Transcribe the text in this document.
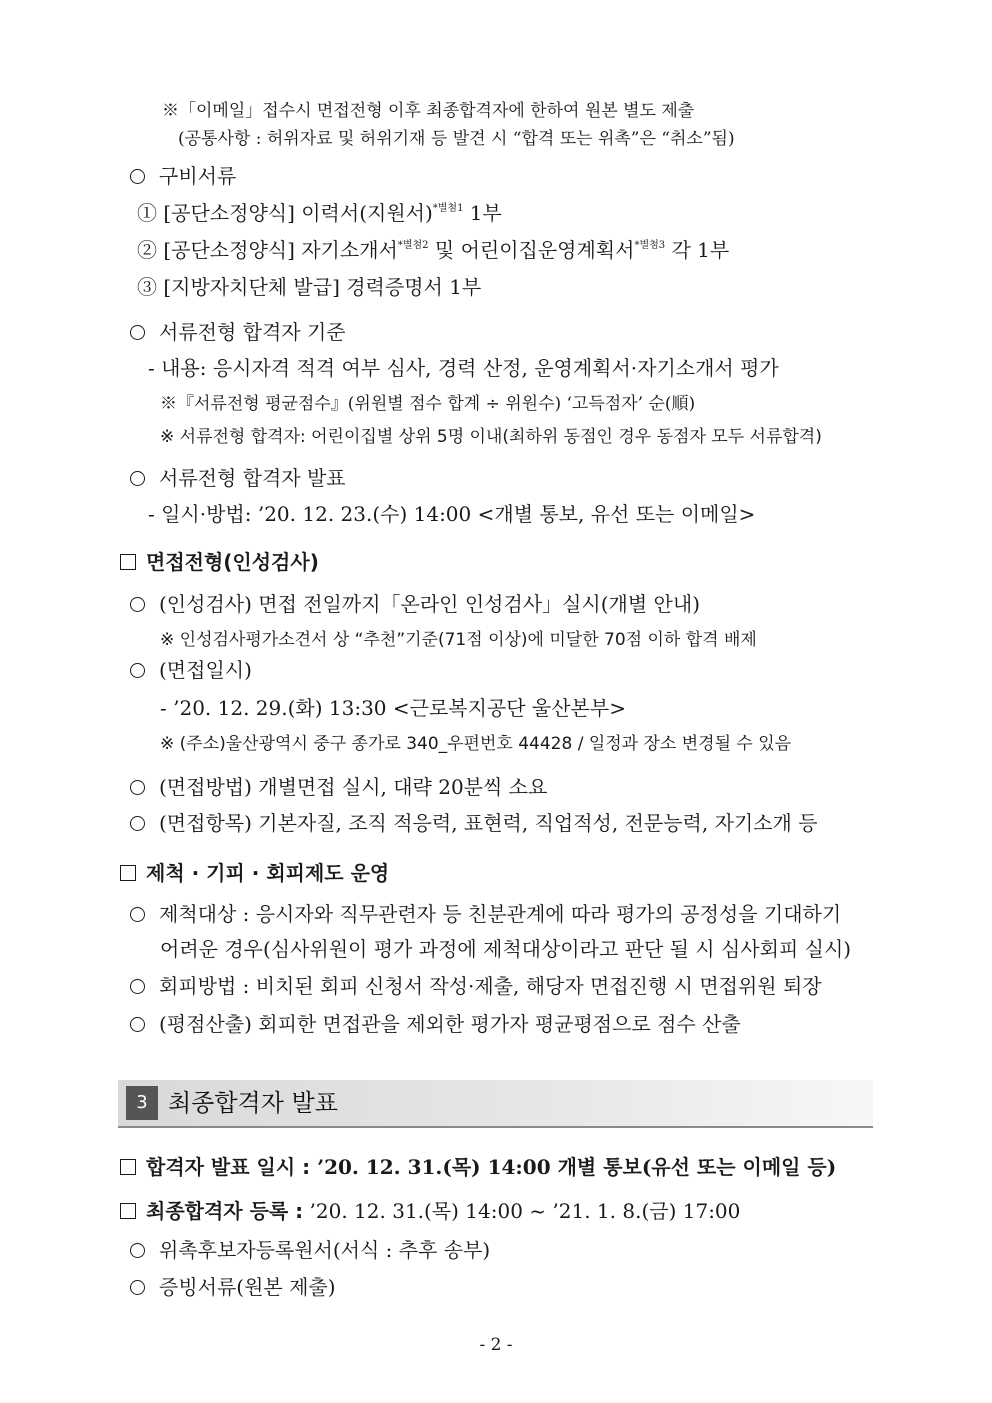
※「이메일」접수시 면접전형 이후 최종합격자에 한하여 원본 별도 제출
(공통사항 : 허위자료 및 허위기재 등 발견 시 “합격 또는 위촉”은 “취소”됨)
구비서류
① [공단소정양식] 이력서(지원서)$^{*별첨1}$ 1부
② [공단소정양식] 자기소개서$^{*별첨2}$ 및 어린이집운영계획서$^{*별첨3}$ 각 1부
③ [지방자치단체 발급] 경력증명서 1부
서류전형 합격자 기준
- 내용: 응시자격 적격 여부 심사, 경력 산정, 운영계획서·자기소개서 평가
※『서류전형 평균점수』(위원별 점수 합계 ÷ 위원수) ‘고득점자’ 순(順)
※ 서류전형 합격자: 어린이집별 상위 5명 이내(최하위 동점인 경우 동점자 모두 서류합격)
서류전형 합격자 발표
- 일시·방법: ’20. 12. 23.(수) 14:00 <개별 통보, 유선 또는 이메일>
면접전형(인성검사)
(인성검사) 면접 전일까지「온라인 인성검사」실시(개별 안내)
※ 인성검사평가소견서 상 “추천”기준(71점 이상)에 미달한 70점 이하 합격 배제
(면접일시)
- ’20. 12. 29.(화) 13:30 <근로복지공단 울산본부>
※ (주소)울산광역시 중구 종가로 340_우편번호 44428 / 일정과 장소 변경될 수 있음
(면접방법) 개별면접 실시, 대략 20분씩 소요
(면접항목) 기본자질, 조직 적응력, 표현력, 직업적성, 전문능력, 자기소개 등
제척 · 기피 · 회피제도 운영
제척대상 : 응시자와 직무관련자 등 친분관계에 따라 평가의 공정성을 기대하기
어려운 경우(심사위원이 평가 과정에 제척대상이라고 판단 될 시 심사회피 실시)
회피방법 : 비치된 회피 신청서 작성·제출, 해당자 면접진행 시 면접위원 퇴장
(평점산출) 회피한 면접관을 제외한 평가자 평균평점으로 점수 산출
3 최종합격자 발표
합격자 발표 일시 : ’20. 12. 31.(목) 14:00 개별 통보(유선 또는 이메일 등)
최종합격자 등록 : ’20. 12. 31.(목) 14:00 ~ ’21. 1. 8.(금) 17:00
위촉후보자등록원서(서식 : 추후 송부)
증빙서류(원본 제출)
- 2 -
